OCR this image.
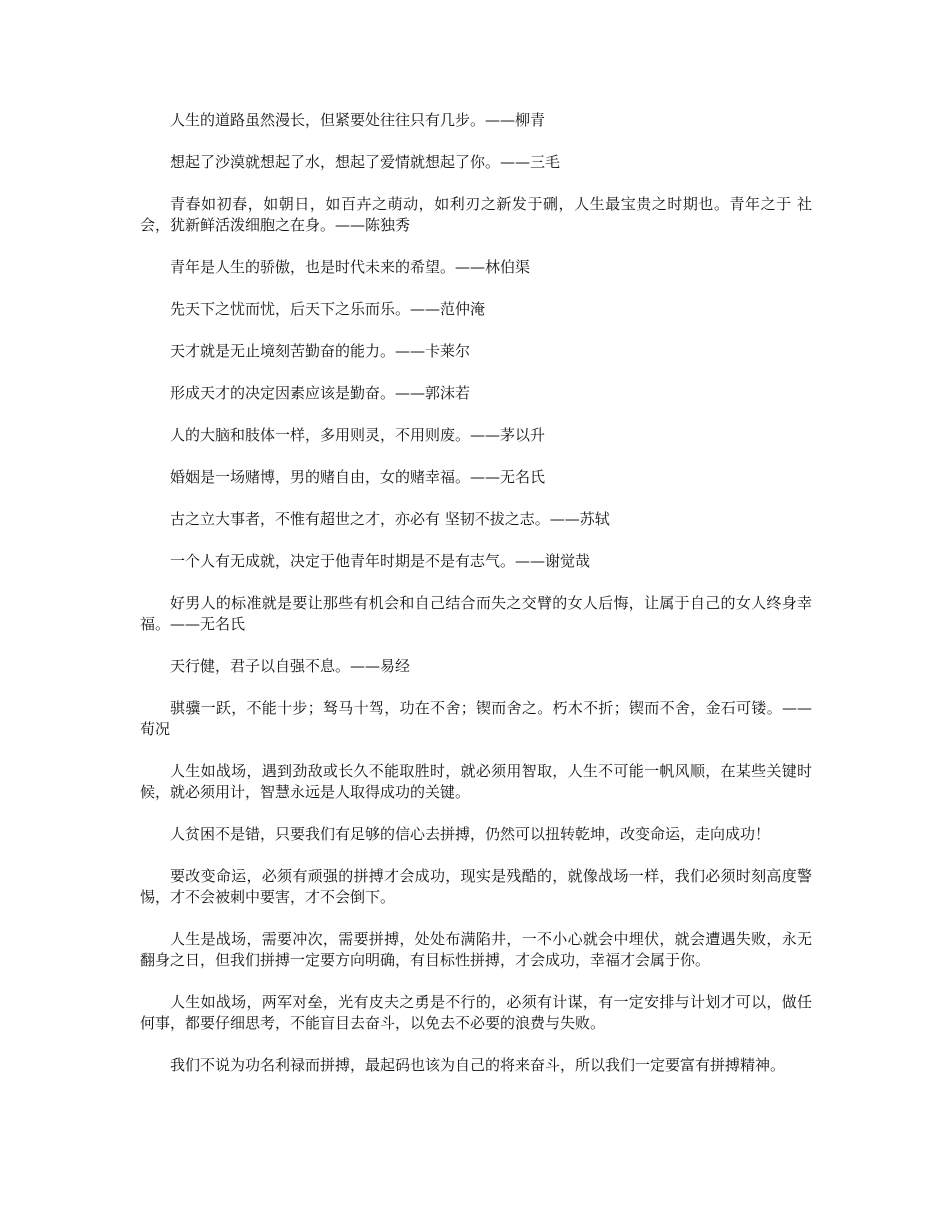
人生的道路虽然漫长，但紧要处往往只有几步。——柳青

想起了沙漠就想起了水，想起了爱情就想起了你。——三毛

青春如初春，如朝日，如百卉之萌动，如利刃之新发于硎，人生最宝贵之时期也。青年之于 社会，犹新鲜活泼细胞之在身。——陈独秀

青年是人生的骄傲，也是时代未来的希望。——林伯渠

先天下之忧而忧，后天下之乐而乐。——范仲淹

天才就是无止境刻苦勤奋的能力。——卡莱尔

形成天才的决定因素应该是勤奋。——郭沫若

人的大脑和肢体一样，多用则灵，不用则废。——茅以升

婚姻是一场赌博，男的赌自由，女的赌幸福。——无名氏

古之立大事者，不惟有超世之才，亦必有 坚韧不拔之志。——苏轼

一个人有无成就，决定于他青年时期是不是有志气。——谢觉哉

好男人的标准就是要让那些有机会和自己结合而失之交臂的女人后悔，让属于自己的女人终身幸福。——无名氏

天行健，君子以自强不息。——易经

骐骥一跃，不能十步；驽马十驾，功在不舍；锲而舍之。朽木不折；锲而不舍，金石可镂。——荀况

人生如战场，遇到劲敌或长久不能取胜时，就必须用智取，人生不可能一帆风顺，在某些关键时候，就必须用计，智慧永远是人取得成功的关键。

人贫困不是错，只要我们有足够的信心去拼搏，仍然可以扭转乾坤，改变命运，走向成功！

要改变命运，必须有顽强的拼搏才会成功，现实是残酷的，就像战场一样，我们必须时刻高度警惕，才不会被刺中要害，才不会倒下。

人生是战场，需要冲次，需要拼搏，处处布满陷井，一不小心就会中埋伏，就会遭遇失败，永无翻身之日，但我们拼搏一定要方向明确，有目标性拼搏，才会成功，幸福才会属于你。

人生如战场，两军对垒，光有皮夫之勇是不行的，必须有计谋，有一定安排与计划才可以，做任何事，都要仔细思考，不能盲目去奋斗，以免去不必要的浪费与失败。

我们不说为功名利禄而拼搏，最起码也该为自己的将来奋斗，所以我们一定要富有拼搏精神。
